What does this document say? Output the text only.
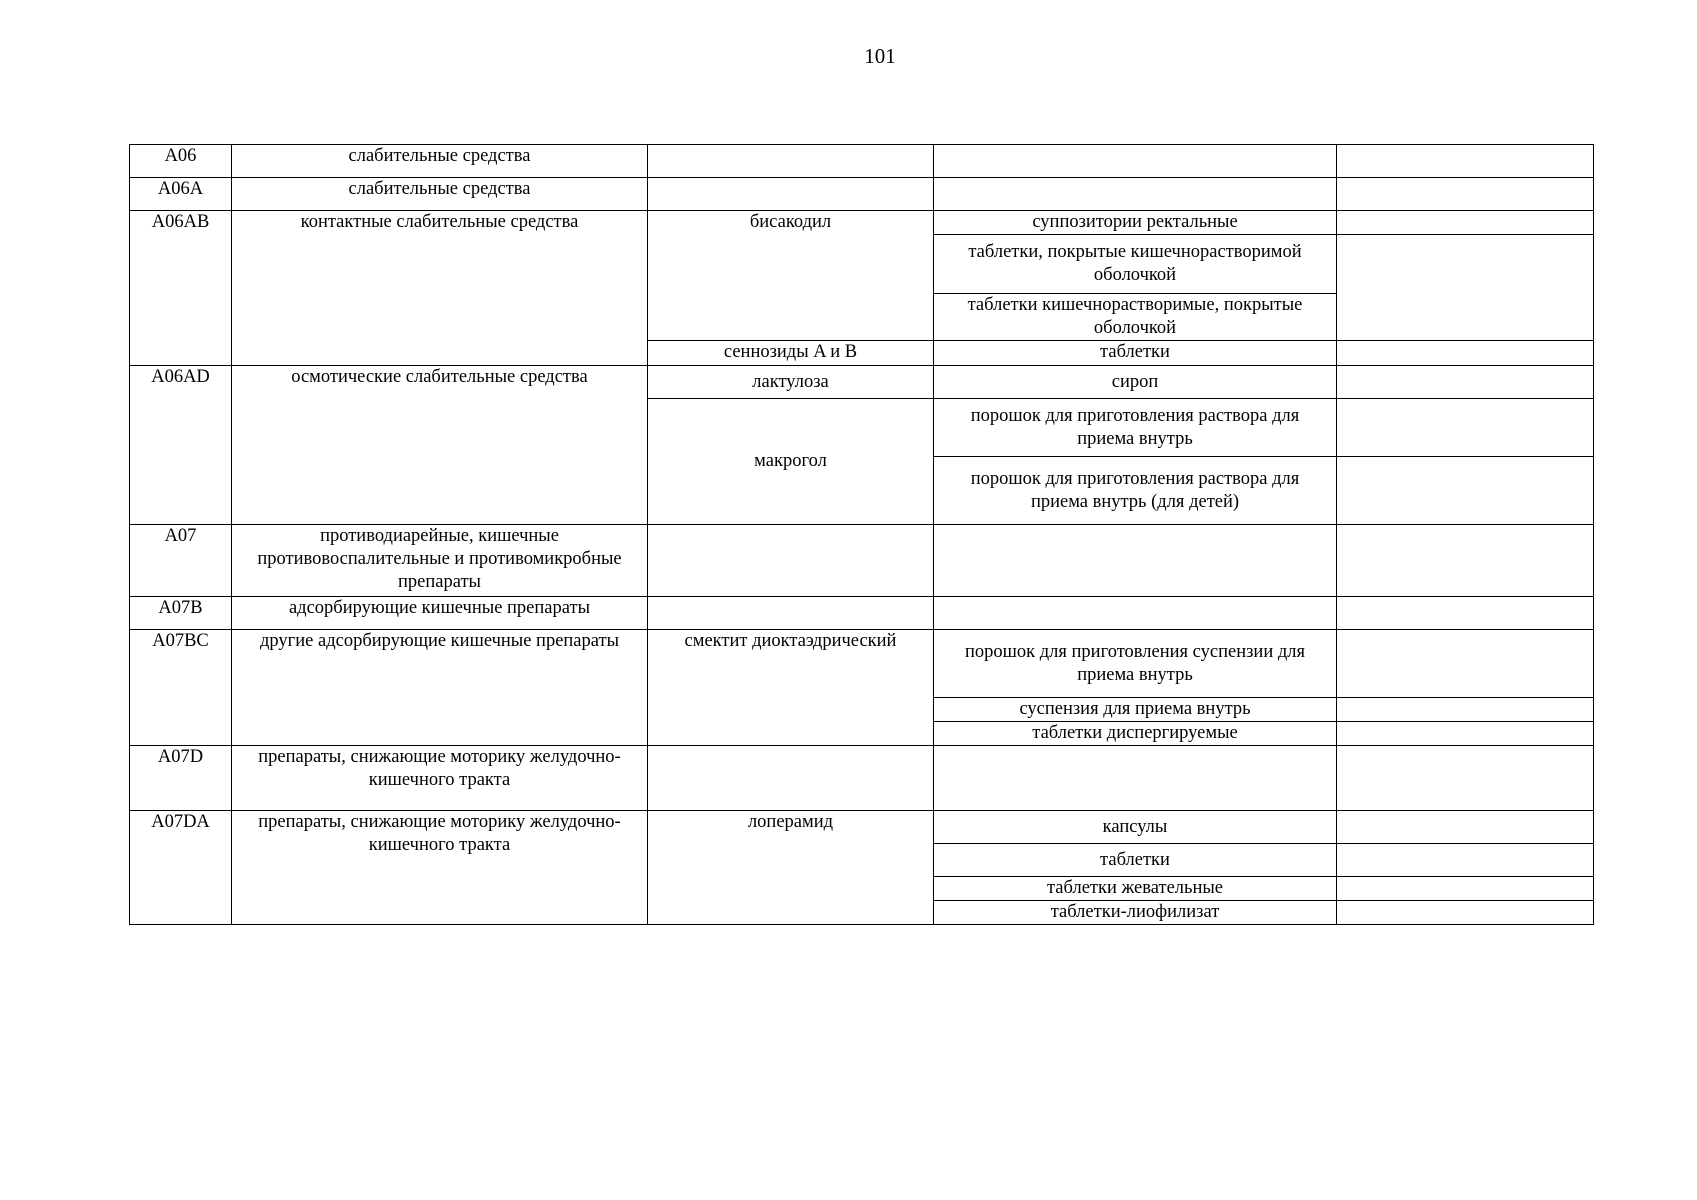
101
A06	слабительные средства			
A06A	слабительные средства			
A06AB	контактные слабительные средства	бисакодил	суппозитории ректальные	
			таблетки, покрытые кишечнорастворимой оболочкой	
			таблетки кишечнорастворимые, покрытые оболочкой	
		сеннозиды A и B	таблетки	
A06AD	осмотические слабительные средства	лактулоза	сироп	
		макрогол	порошок для приготовления раствора для приема внутрь	
			порошок для приготовления раствора для приема внутрь (для детей)	
A07	противодиарейные, кишечные противовоспалительные и противомикробные препараты			
A07B	адсорбирующие кишечные препараты			
A07BC	другие адсорбирующие кишечные препараты	смектит диоктаэдрический	порошок для приготовления суспензии для приема внутрь	
			суспензия для приема внутрь	
			таблетки диспергируемые	
A07D	препараты, снижающие моторику желудочно-кишечного тракта			
A07DA	препараты, снижающие моторику желудочно-кишечного тракта	лоперамид	капсулы	
			таблетки	
			таблетки жевательные	
			таблетки-лиофилизат	
